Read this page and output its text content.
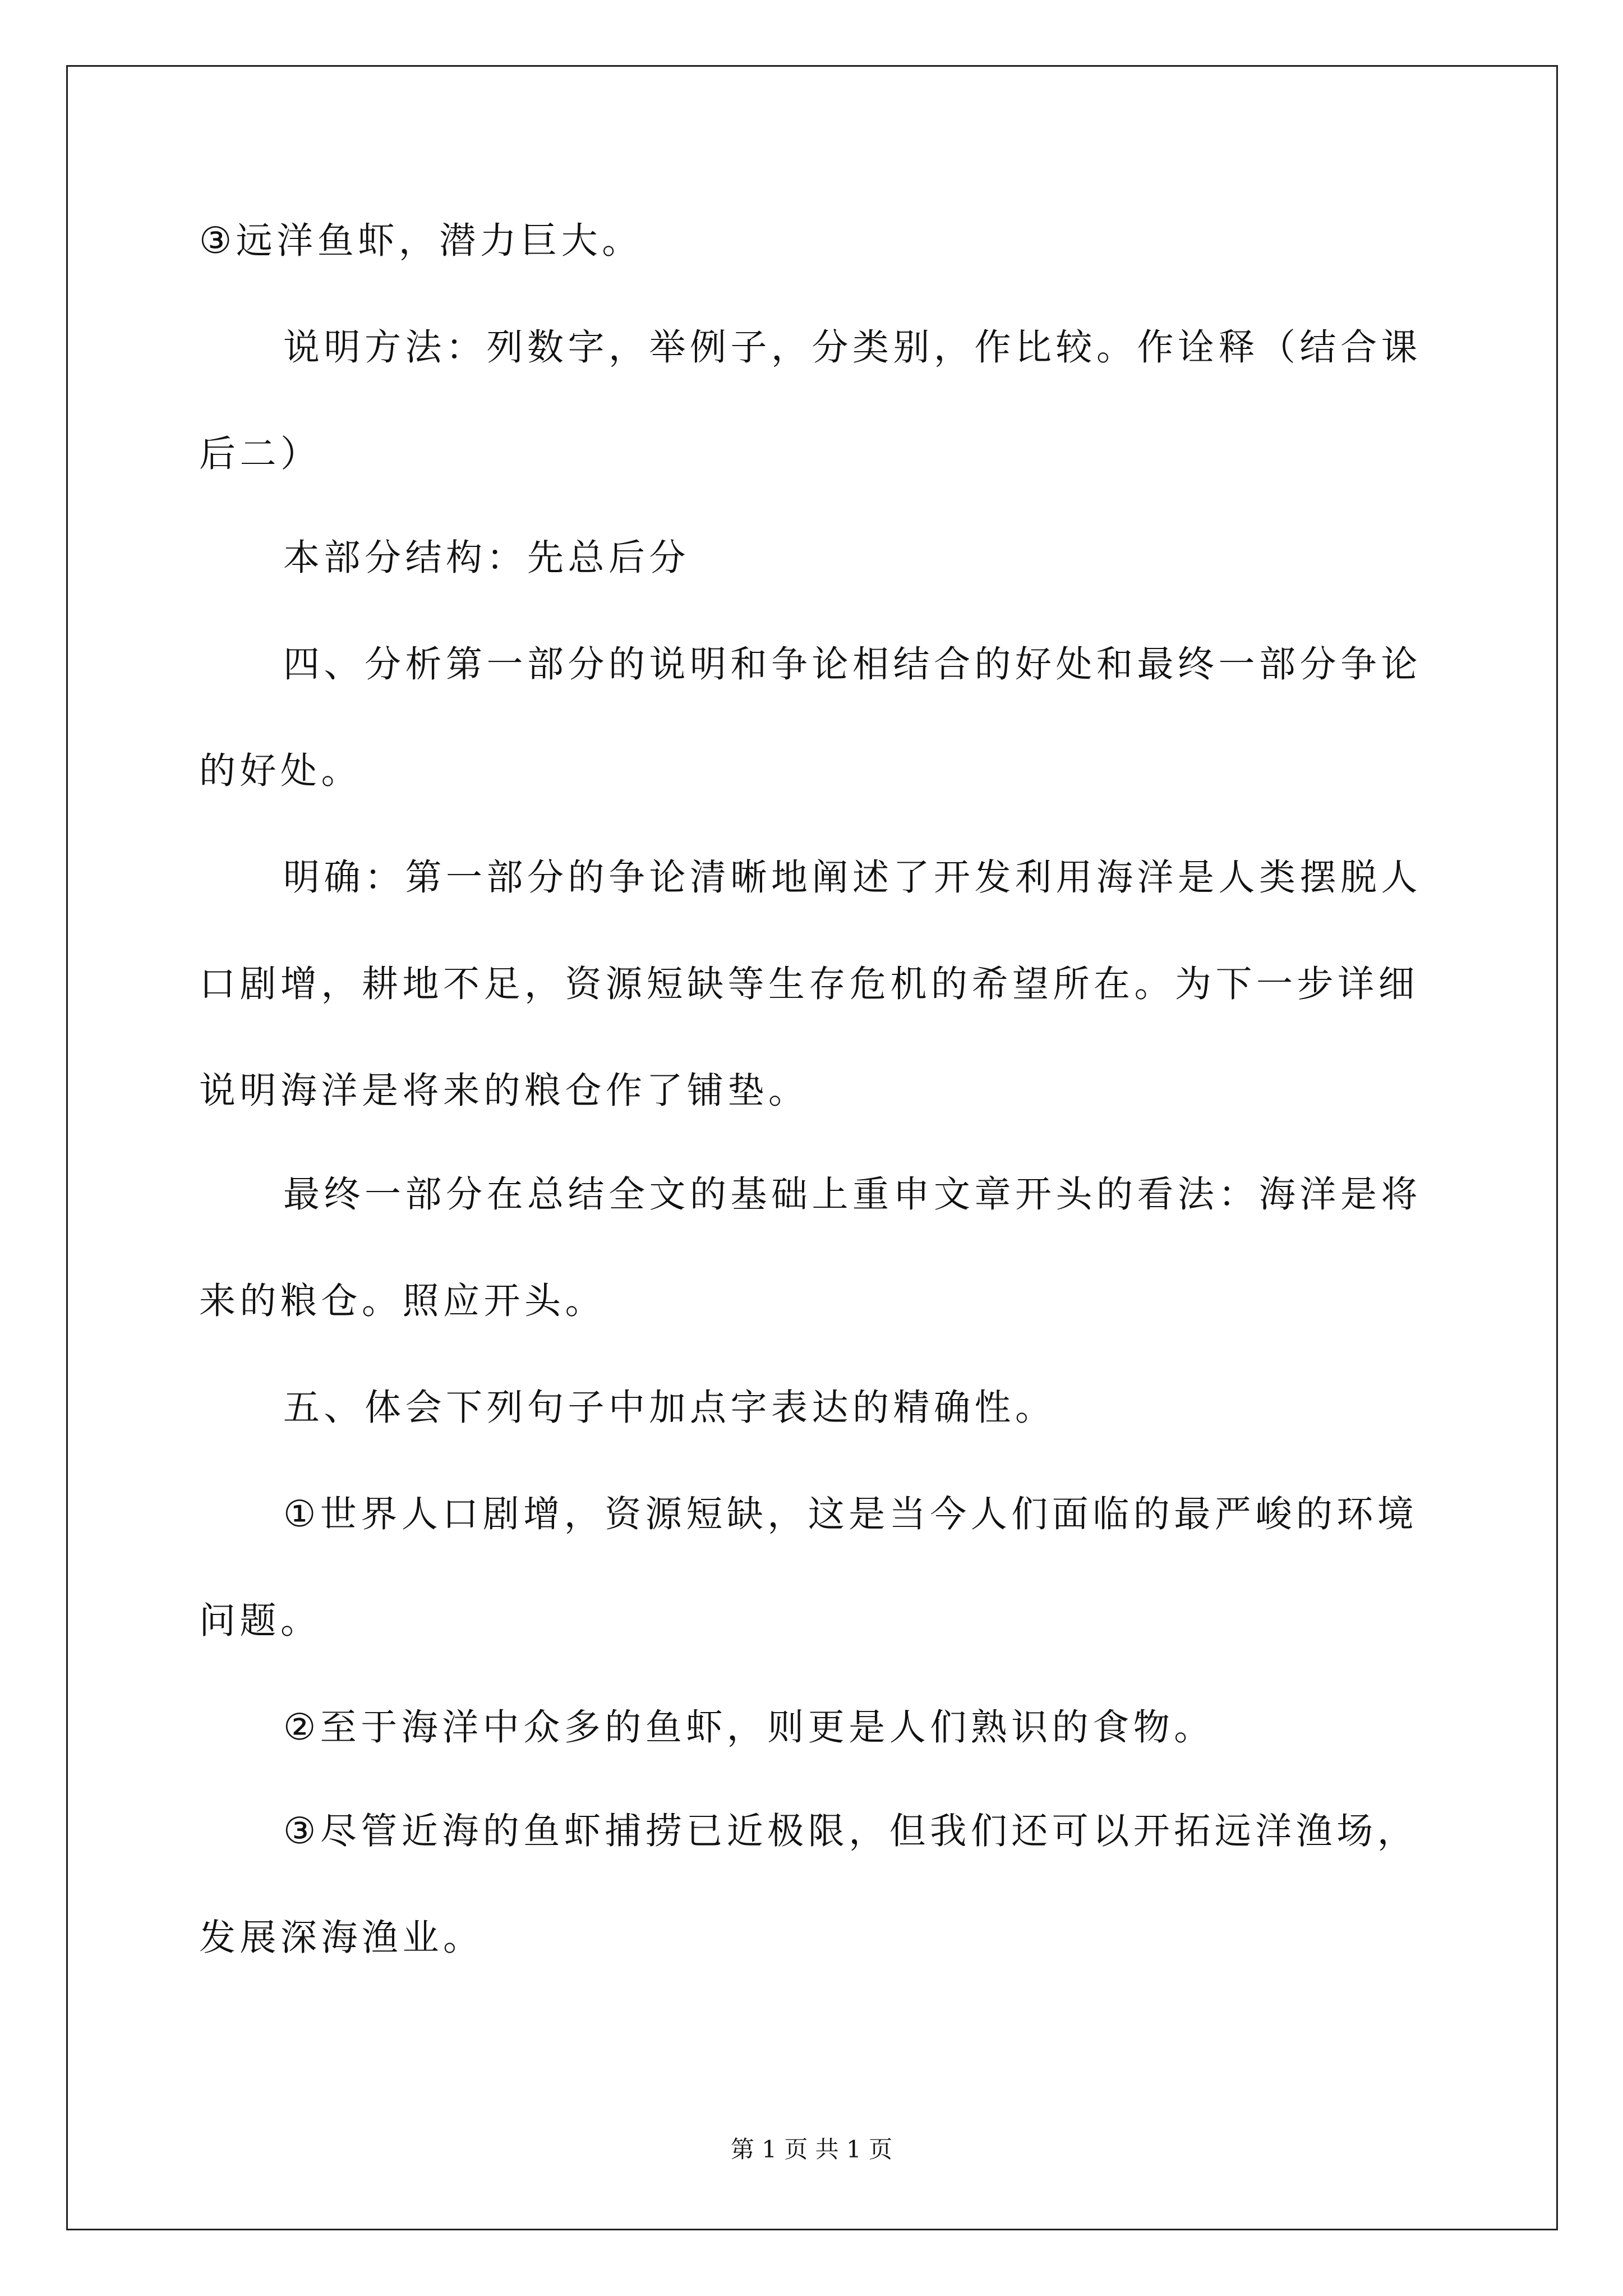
③远洋鱼虾，潜力巨大。
说明方法：列数字，举例子，分类别，作比较。作诠释（结合课
后二）
本部分结构：先总后分
四、分析第一部分的说明和争论相结合的好处和最终一部分争论
的好处。
明确：第一部分的争论清晰地阐述了开发利用海洋是人类摆脱人
口剧增，耕地不足，资源短缺等生存危机的希望所在。为下一步详细
说明海洋是将来的粮仓作了铺垫。
最终一部分在总结全文的基础上重申文章开头的看法：海洋是将
来的粮仓。照应开头。
五、体会下列句子中加点字表达的精确性。
①世界人口剧增，资源短缺，这是当今人们面临的最严峻的环境
问题。
②至于海洋中众多的鱼虾，则更是人们熟识的食物。
③尽管近海的鱼虾捕捞已近极限，但我们还可以开拓远洋渔场，
发展深海渔业。
第 1 页 共 1 页
